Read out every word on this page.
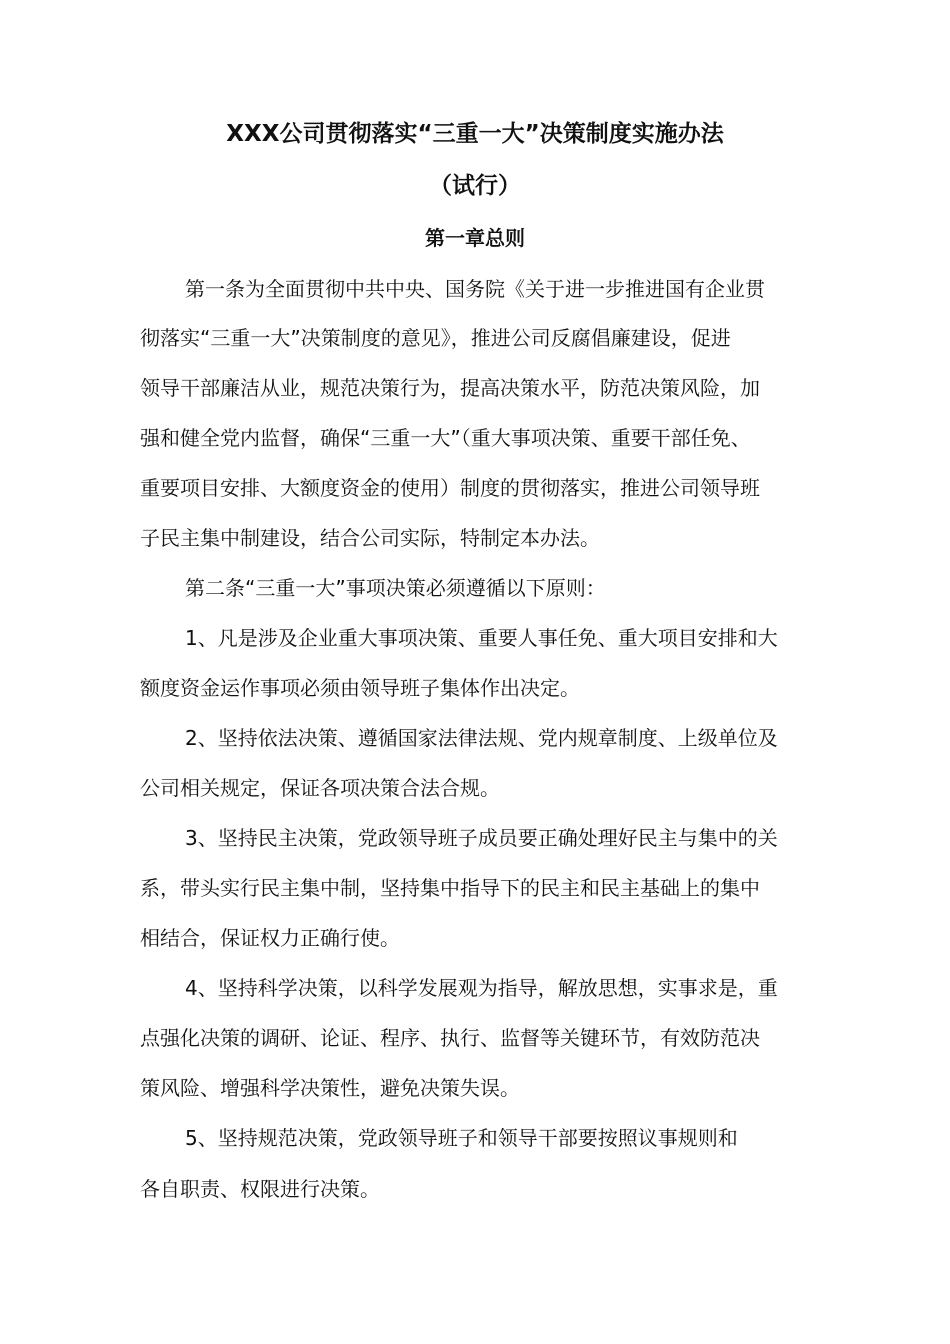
XXX公司贯彻落实“三重一大”决策制度实施办法
（试行）
第一章总则
第一条为全面贯彻中共中央、国务院《关于进一步推进国有企业贯
彻落实“三重一大”决策制度的意见》，推进公司反腐倡廉建设，促进
领导干部廉洁从业，规范决策行为，提高决策水平，防范决策风险，加
强和健全党内监督，确保“三重一大”（重大事项决策、重要干部任免、
重要项目安排、大额度资金的使用）制度的贯彻落实，推进公司领导班
子民主集中制建设，结合公司实际，特制定本办法。
第二条“三重一大”事项决策必须遵循以下原则：
1、凡是涉及企业重大事项决策、重要人事任免、重大项目安排和大
额度资金运作事项必须由领导班子集体作出决定。
2、坚持依法决策、遵循国家法律法规、党内规章制度、上级单位及
公司相关规定，保证各项决策合法合规。
3、坚持民主决策，党政领导班子成员要正确处理好民主与集中的关
系，带头实行民主集中制，坚持集中指导下的民主和民主基础上的集中
相结合，保证权力正确行使。
4、坚持科学决策，以科学发展观为指导，解放思想，实事求是，重
点强化决策的调研、论证、程序、执行、监督等关键环节，有效防范决
策风险、增强科学决策性，避免决策失误。
5、坚持规范决策，党政领导班子和领导干部要按照议事规则和
各自职责、权限进行决策。
